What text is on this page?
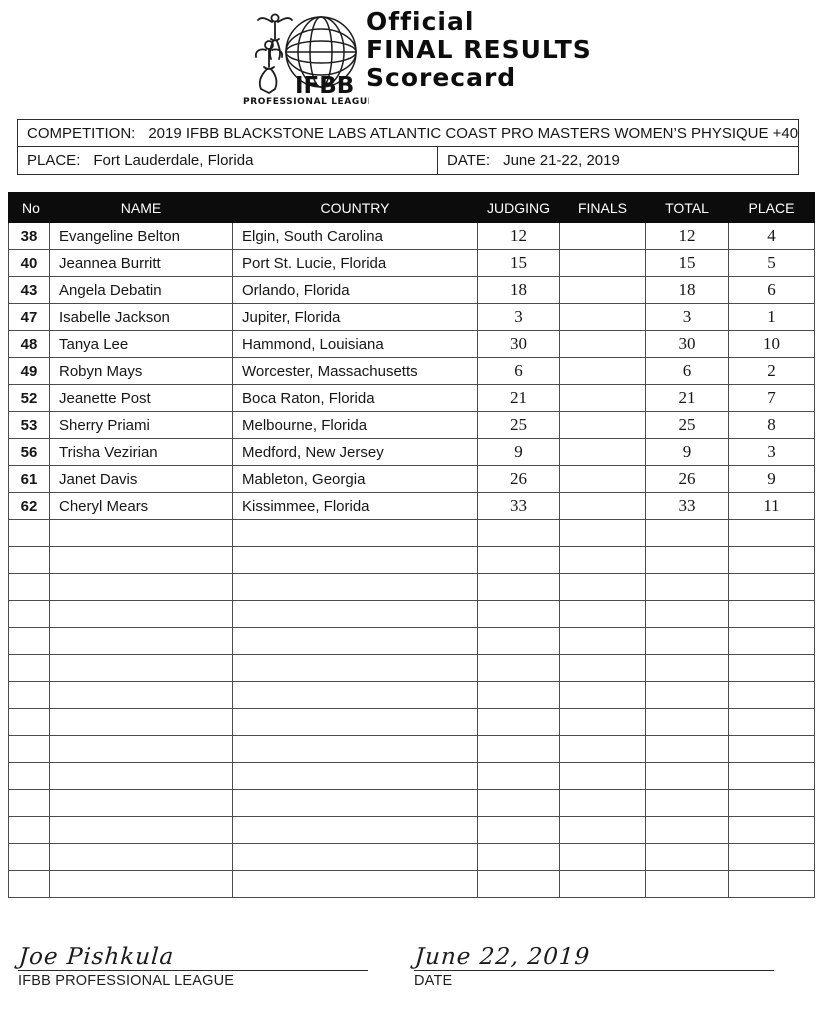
IFBB
PROFESSIONAL LEAGUE
Official
FINAL RESULTS
Scorecard
COMPETITION: 2019 IFBB BLACKSTONE LABS ATLANTIC COAST PRO MASTERS WOMEN’S PHYSIQUE +40
PLACE: Fort Lauderdale, Florida	DATE: June 21-22, 2019
No	NAME	COUNTRY	JUDGING	FINALS	TOTAL	PLACE
38	Evangeline Belton	Elgin, South Carolina	12		12	4
40	Jeannea Burritt	Port St. Lucie, Florida	15		15	5
43	Angela Debatin	Orlando, Florida	18		18	6
47	Isabelle Jackson	Jupiter, Florida	3		3	1
48	Tanya Lee	Hammond, Louisiana	30		30	10
49	Robyn Mays	Worcester, Massachusetts	6		6	2
52	Jeanette Post	Boca Raton, Florida	21		21	7
53	Sherry Priami	Melbourne, Florida	25		25	8
56	Trisha Vezirian	Medford, New Jersey	9		9	3
61	Janet Davis	Mableton, Georgia	26		26	9
62	Cheryl Mears	Kissimmee, Florida	33		33	11

Joe Pishkula
IFBB PROFESSIONAL LEAGUE
June 22, 2019
DATE
